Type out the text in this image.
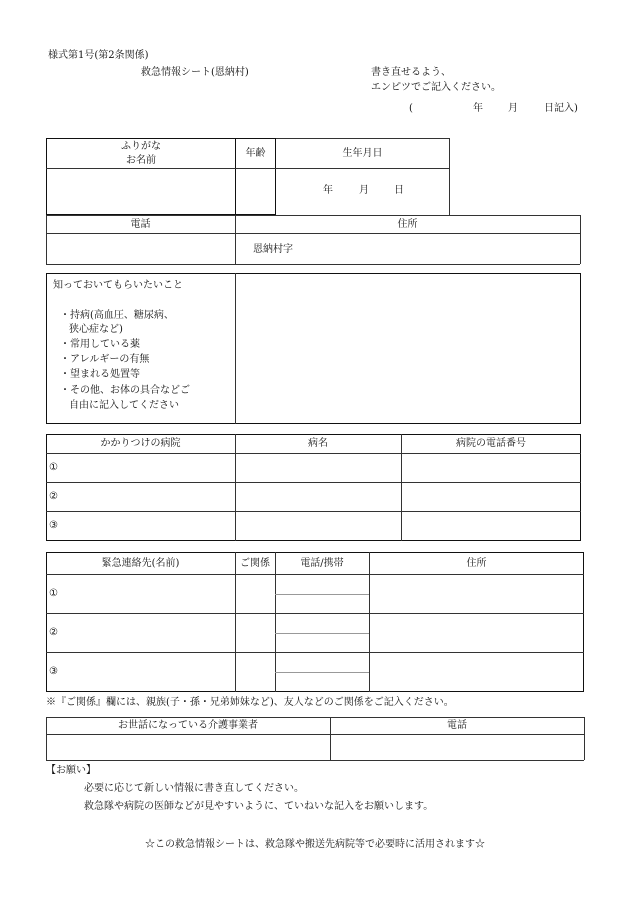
様式第1号(第2条関係)
救急情報シート(恩納村)	書き直せるよう、
エンピツでご記入ください。
(	年	月	日記入)
ふりがな
お名前
年齢	生年月日
年	月	日
電話	住所
恩納村字
知っておいてもらいたいこと
・持病(高血圧、糖尿病、
狭心症など)
・常用している薬
・アレルギーの有無
・望まれる処置等
・その他、お体の具合などご
自由に記入してください
かかりつけの病院	病名	病院の電話番号
①
②
③
緊急連絡先(名前)	ご関係	電話/携帯	住所
①
②
③
※『ご関係』欄には、親族(子・孫・兄弟姉妹など)、友人などのご関係をご記入ください。
お世話になっている介護事業者	電話
【お願い】
必要に応じて新しい情報に書き直してください。
救急隊や病院の医師などが見やすいように、ていねいな記入をお願いします。
☆この救急情報シートは、救急隊や搬送先病院等で必要時に活用されます☆
